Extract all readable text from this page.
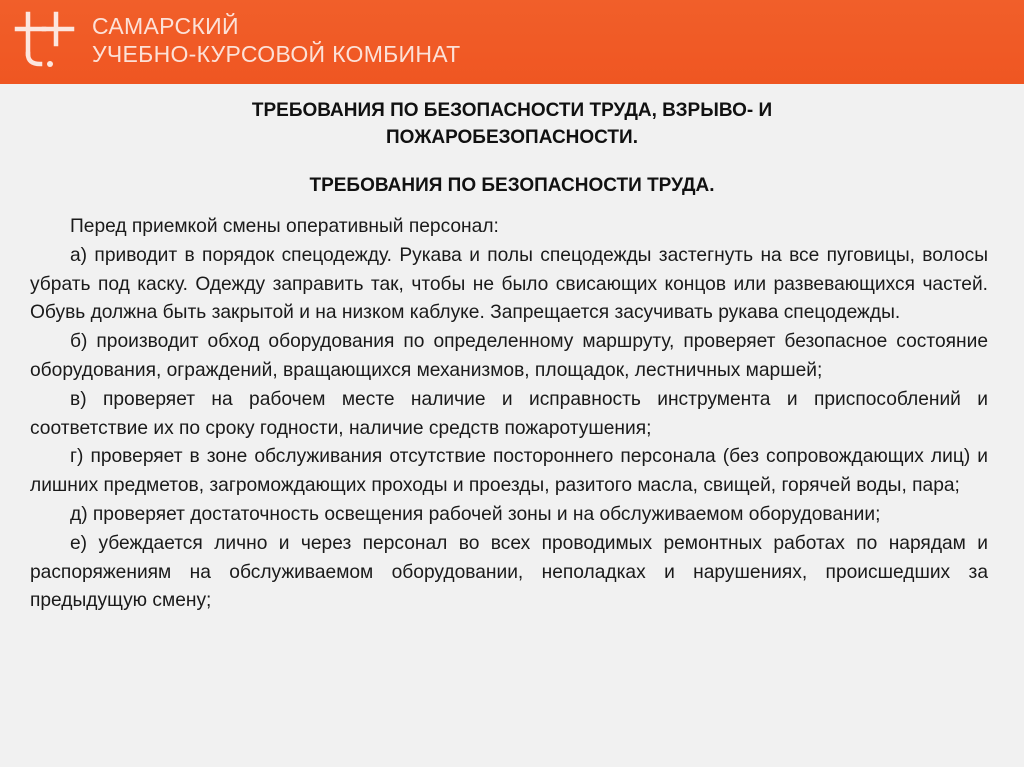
САМАРСКИЙ
УЧЕБНО-КУРСОВОЙ КОМБИНАТ
ТРЕБОВАНИЯ ПО БЕЗОПАСНОСТИ ТРУДА, ВЗРЫВО- И
ПОЖАРОБЕЗОПАСНОСТИ.
ТРЕБОВАНИЯ ПО БЕЗОПАСНОСТИ ТРУДА.

Перед приемкой смены оперативный персонал:

а) приводит в порядок спецодежду. Рукава и полы спецодежды застегнуть на все пуговицы, волосы убрать под каску. Одежду заправить так, чтобы не было свисающих концов или развевающихся частей. Обувь должна быть закрытой и на низком каблуке. Запрещается засучивать рукава спецодежды.

б) производит обход оборудования по определенному маршруту, проверяет безопасное состояние оборудования, ограждений, вращающихся механизмов, площадок, лестничных маршей;

в) проверяет на рабочем месте наличие и исправность инструмента и приспособлений и соответствие их по сроку годности, наличие средств пожаротушения;

г) проверяет в зоне обслуживания отсутствие постороннего персонала (без сопровождающих лиц) и лишних предметов, загромождающих проходы и проезды, разитого масла, свищей, горячей воды, пара;

д) проверяет достаточность освещения рабочей зоны и на обслуживаемом оборудовании;

е) убеждается лично и через персонал во всех проводимых ремонтных работах по нарядам и распоряжениям на обслуживаемом оборудовании, неполадках и нарушениях, происшедших за предыдущую смену;
